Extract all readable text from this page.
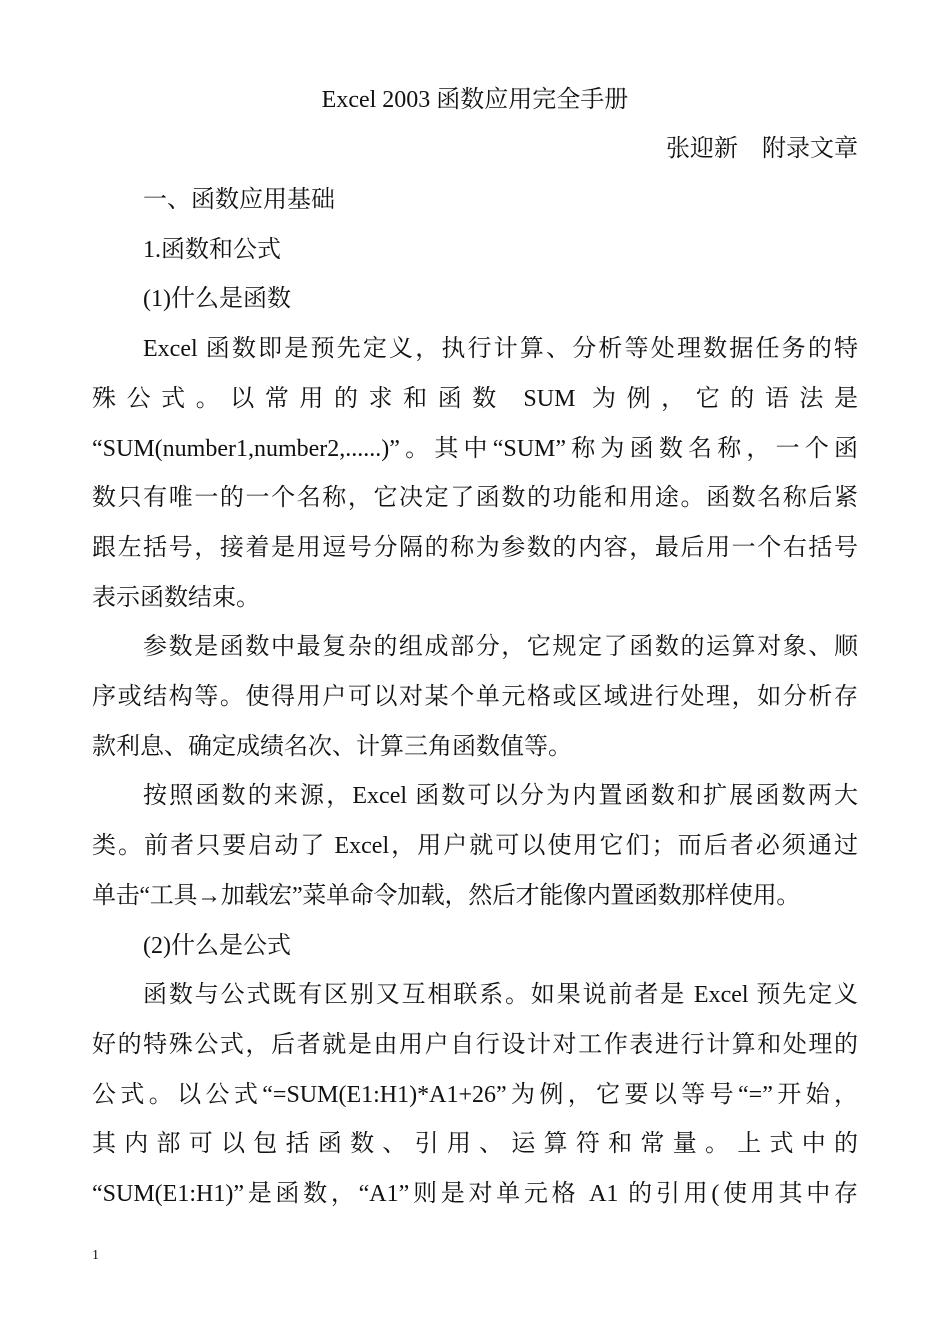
Excel 2003 函数应用完全手册
张迎新　附录文章

一、函数应用基础

1.函数和公式

(1)什么是函数

Excel 函数即是预先定义，执行计算、分析等处理数据任务的特
殊公式。以常用的求和函数 SUM 为例，它的语法是
“SUM(number1,number2,......)”。其中“SUM”称为函数名称，一个函
数只有唯一的一个名称，它决定了函数的功能和用途。函数名称后紧
跟左括号，接着是用逗号分隔的称为参数的内容，最后用一个右括号
表示函数结束。
参数是函数中最复杂的组成部分，它规定了函数的运算对象、顺
序或结构等。使得用户可以对某个单元格或区域进行处理，如分析存
款利息、确定成绩名次、计算三角函数值等。
按照函数的来源，Excel 函数可以分为内置函数和扩展函数两大
类。前者只要启动了 Excel，用户就可以使用它们；而后者必须通过
单击“工具→加载宏”菜单命令加载，然后才能像内置函数那样使用。

(2)什么是公式

函数与公式既有区别又互相联系。如果说前者是 Excel 预先定义
好的特殊公式，后者就是由用户自行设计对工作表进行计算和处理的
公式。以公式“=SUM(E1:H1)*A1+26”为例，它要以等号“=”开始，
其内部可以包括函数、引用、运算符和常量。上式中的
“SUM(E1:H1)”是函数，“A1”则是对单元格 A1 的引用(使用其中存
1
